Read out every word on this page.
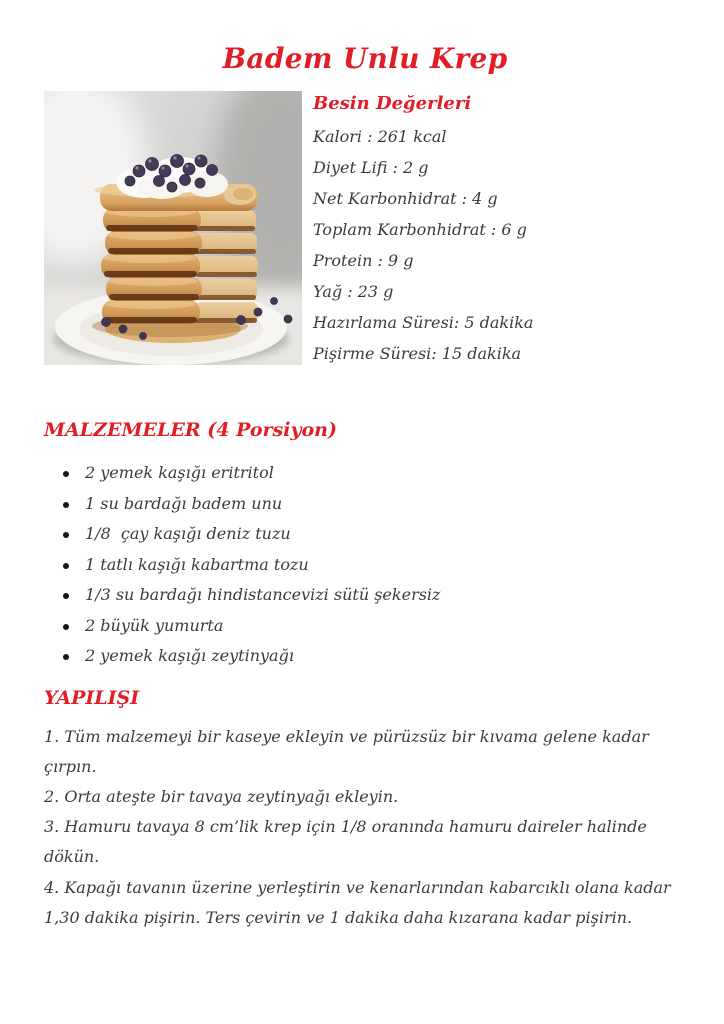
Badem Unlu Krep
Besin Değerleri
Kalori : 261 kcal
Diyet Lifi : 2 g
Net Karbonhidrat : 4 g
Toplam Karbonhidrat : 6 g
Protein : 9 g
Yağ : 23 g
Hazırlama Süresi: 5 dakika
Pişirme Süresi: 15 dakika
MALZEMELER (4 Porsiyon)
2 yemek kaşığı eritritol
1 su bardağı badem unu
1/8  çay kaşığı deniz tuzu
1 tatlı kaşığı kabartma tozu
1/3 su bardağı hindistancevizi sütü şekersiz
2 büyük yumurta
2 yemek kaşığı zeytinyağı
YAPILIŞI

1. Tüm malzemeyi bir kaseye ekleyin ve pürüzsüz bir kıvama gelene kadar çırpın.

2. Orta ateşte bir tavaya zeytinyağı ekleyin.

3. Hamuru tavaya 8 cm’lik krep için 1/8 oranında hamuru daireler halinde dökün.

4. Kapağı tavanın üzerine yerleştirin ve kenarlarından kabarcıklı olana kadar 1,30 dakika pişirin. Ters çevirin ve 1 dakika daha kızarana kadar pişirin.
